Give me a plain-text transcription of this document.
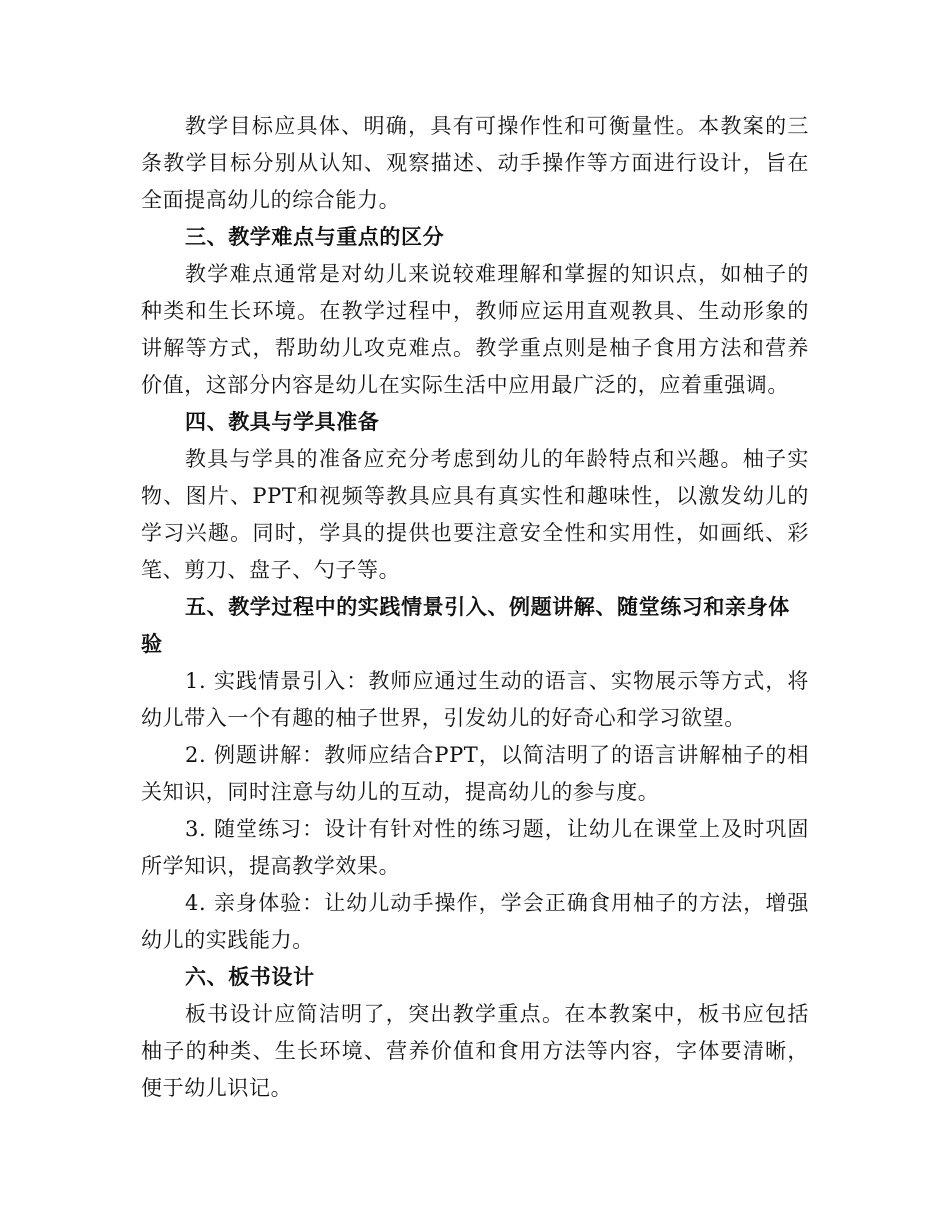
教学目标应具体、明确，具有可操作性和可衡量性。本教案的三条教学目标分别从认知、观察描述、动手操作等方面进行设计，旨在全面提高幼儿的综合能力。

三、教学难点与重点的区分

教学难点通常是对幼儿来说较难理解和掌握的知识点，如柚子的种类和生长环境。在教学过程中，教师应运用直观教具、生动形象的讲解等方式，帮助幼儿攻克难点。教学重点则是柚子食用方法和营养价值，这部分内容是幼儿在实际生活中应用最广泛的，应着重强调。

四、教具与学具准备

教具与学具的准备应充分考虑到幼儿的年龄特点和兴趣。柚子实物、图片、PPT和视频等教具应具有真实性和趣味性，以激发幼儿的学习兴趣。同时，学具的提供也要注意安全性和实用性，如画纸、彩笔、剪刀、盘子、勺子等。

五、教学过程中的实践情景引入、例题讲解、随堂练习和亲身体验

1. 实践情景引入：教师应通过生动的语言、实物展示等方式，将幼儿带入一个有趣的柚子世界，引发幼儿的好奇心和学习欲望。

2. 例题讲解：教师应结合PPT，以简洁明了的语言讲解柚子的相关知识，同时注意与幼儿的互动，提高幼儿的参与度。

3. 随堂练习：设计有针对性的练习题，让幼儿在课堂上及时巩固所学知识，提高教学效果。

4. 亲身体验：让幼儿动手操作，学会正确食用柚子的方法，增强幼儿的实践能力。

六、板书设计

板书设计应简洁明了，突出教学重点。在本教案中，板书应包括柚子的种类、生长环境、营养价值和食用方法等内容，字体要清晰，便于幼儿识记。
